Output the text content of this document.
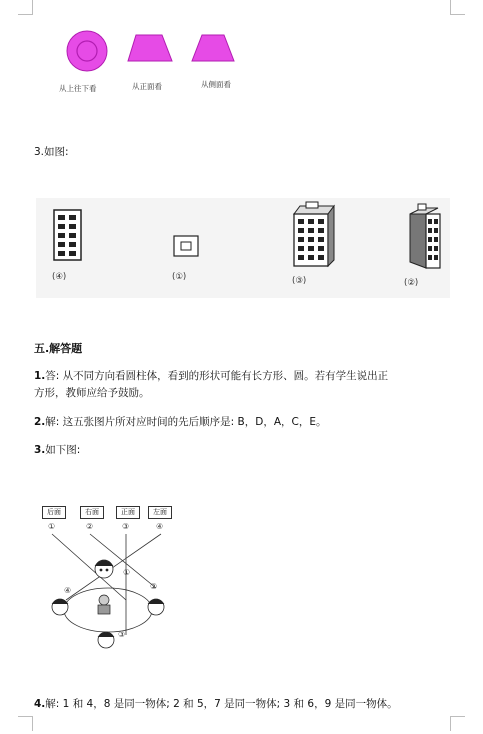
从上往下看	从正面看	从侧面看
3.如图:
(④)	(①)	(③)	(②)
五.解答题
1.答: 从不同方向看圆柱体，看到的形状可能有长方形、圆。若有学生说出正
方形，教师应给予鼓励。
2.解: 这五张图片所对应时间的先后顺序是: B，D，A，C，E。
3.如下图:
后面	右面	正面	左面
①	②	③	④
①
②
④
③
4.解: 1 和 4，8 是同一物体; 2 和 5，7 是同一物体; 3 和 6，9 是同一物体。
